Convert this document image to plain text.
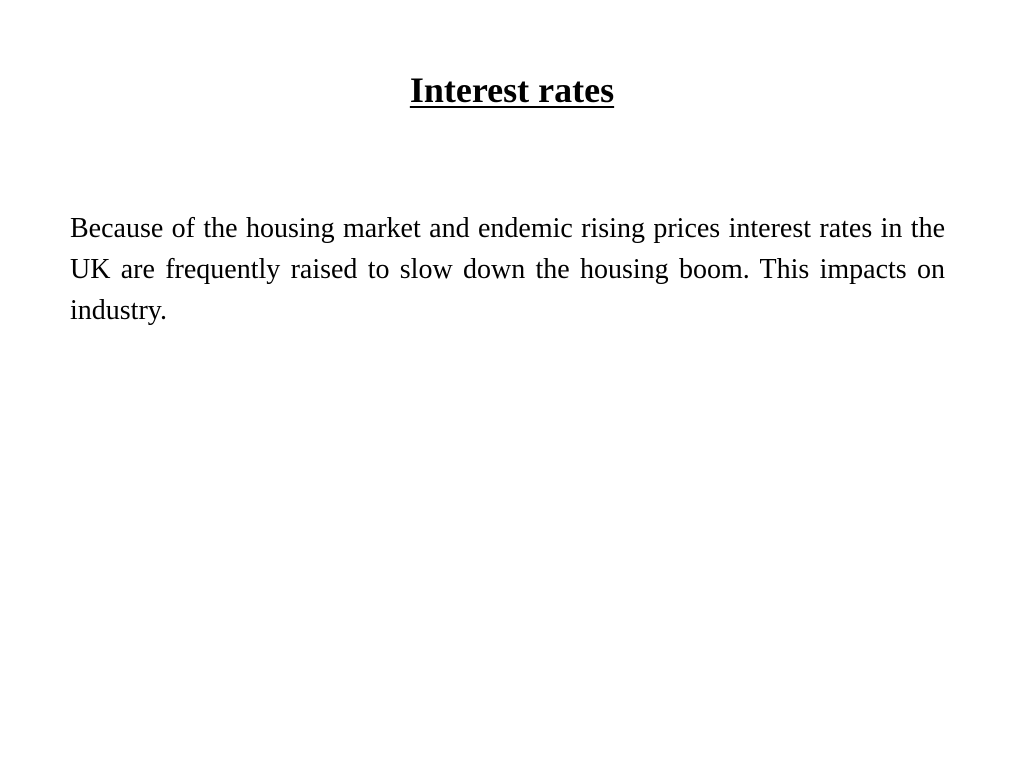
Interest rates

Because of the housing market and endemic rising prices interest rates in the UK are frequently raised to slow down the housing boom. This impacts on industry.
